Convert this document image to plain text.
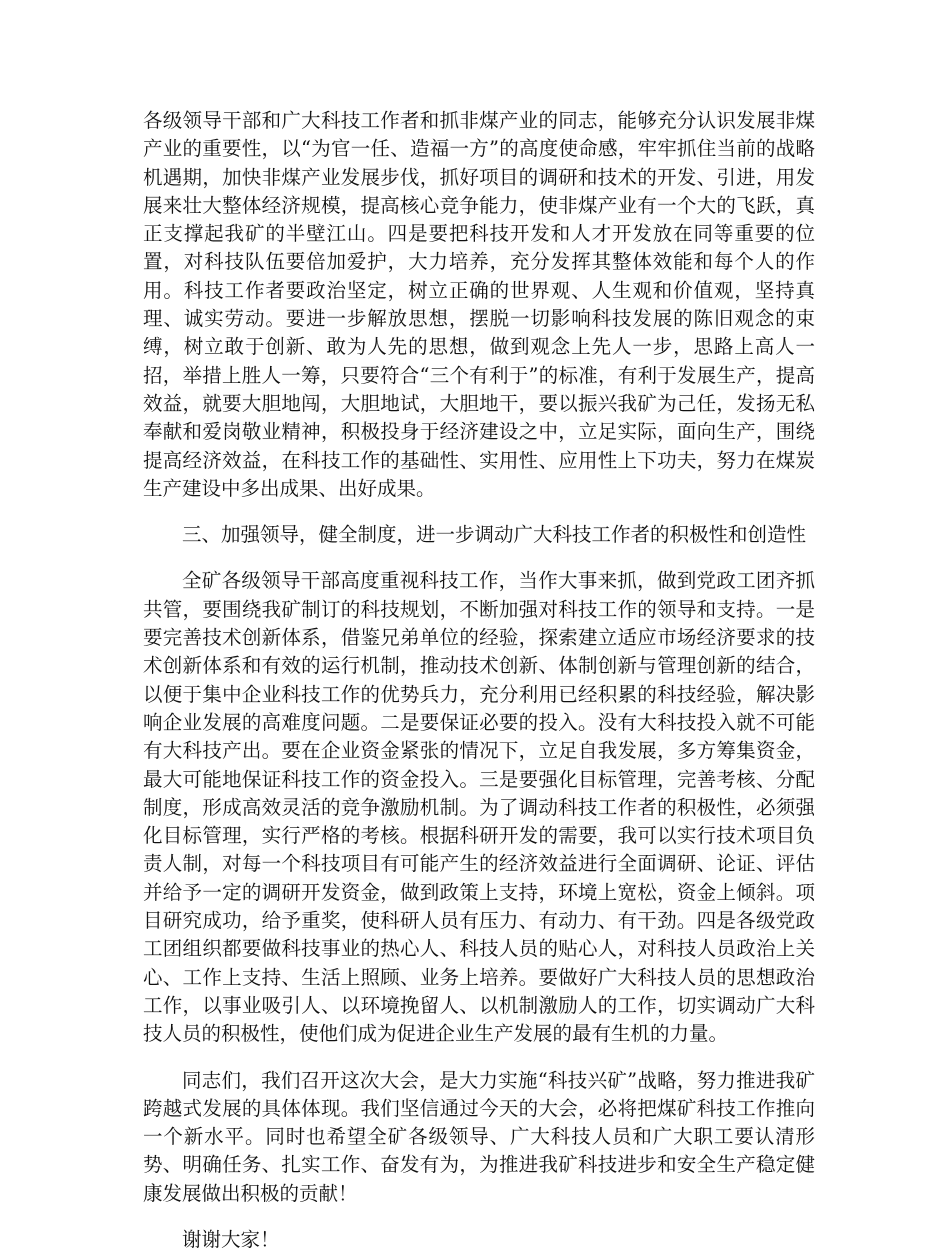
各级领导干部和广大科技工作者和抓非煤产业的同志，能够充分认识发展非煤产业的重要性，以“为官一任、造福一方”的高度使命感，牢牢抓住当前的战略机遇期，加快非煤产业发展步伐，抓好项目的调研和技术的开发、引进，用发展来壮大整体经济规模，提高核心竞争能力，使非煤产业有一个大的飞跃，真正支撑起我矿的半壁江山。四是要把科技开发和人才开发放在同等重要的位置，对科技队伍要倍加爱护，大力培养，充分发挥其整体效能和每个人的作用。科技工作者要政治坚定，树立正确的世界观、人生观和价值观，坚持真理、诚实劳动。要进一步解放思想，摆脱一切影响科技发展的陈旧观念的束缚，树立敢于创新、敢为人先的思想，做到观念上先人一步，思路上高人一招，举措上胜人一筹，只要符合“三个有利于”的标准，有利于发展生产，提高效益，就要大胆地闯，大胆地试，大胆地干，要以振兴我矿为己任，发扬无私奉献和爱岗敬业精神，积极投身于经济建设之中，立足实际，面向生产，围绕提高经济效益，在科技工作的基础性、实用性、应用性上下功夫，努力在煤炭生产建设中多出成果、出好成果。

三、加强领导，健全制度，进一步调动广大科技工作者的积极性和创造性

全矿各级领导干部高度重视科技工作，当作大事来抓，做到党政工团齐抓共管，要围绕我矿制订的科技规划，不断加强对科技工作的领导和支持。一是要完善技术创新体系，借鉴兄弟单位的经验，探索建立适应市场经济要求的技术创新体系和有效的运行机制，推动技术创新、体制创新与管理创新的结合，以便于集中企业科技工作的优势兵力，充分利用已经积累的科技经验，解决影响企业发展的高难度问题。二是要保证必要的投入。没有大科技投入就不可能有大科技产出。要在企业资金紧张的情况下，立足自我发展，多方筹集资金，最大可能地保证科技工作的资金投入。三是要强化目标管理，完善考核、分配制度，形成高效灵活的竞争激励机制。为了调动科技工作者的积极性，必须强化目标管理，实行严格的考核。根据科研开发的需要，我可以实行技术项目负责人制，对每一个科技项目有可能产生的经济效益进行全面调研、论证、评估并给予一定的调研开发资金，做到政策上支持，环境上宽松，资金上倾斜。项目研究成功，给予重奖，使科研人员有压力、有动力、有干劲。四是各级党政工团组织都要做科技事业的热心人、科技人员的贴心人，对科技人员政治上关心、工作上支持、生活上照顾、业务上培养。要做好广大科技人员的思想政治工作，以事业吸引人、以环境挽留人、以机制激励人的工作，切实调动广大科技人员的积极性，使他们成为促进企业生产发展的最有生机的力量。

同志们，我们召开这次大会，是大力实施“科技兴矿”战略，努力推进我矿跨越式发展的具体体现。我们坚信通过今天的大会，必将把煤矿科技工作推向一个新水平。同时也希望全矿各级领导、广大科技人员和广大职工要认清形势、明确任务、扎实工作、奋发有为，为推进我矿科技进步和安全生产稳定健康发展做出积极的贡献！

谢谢大家！
